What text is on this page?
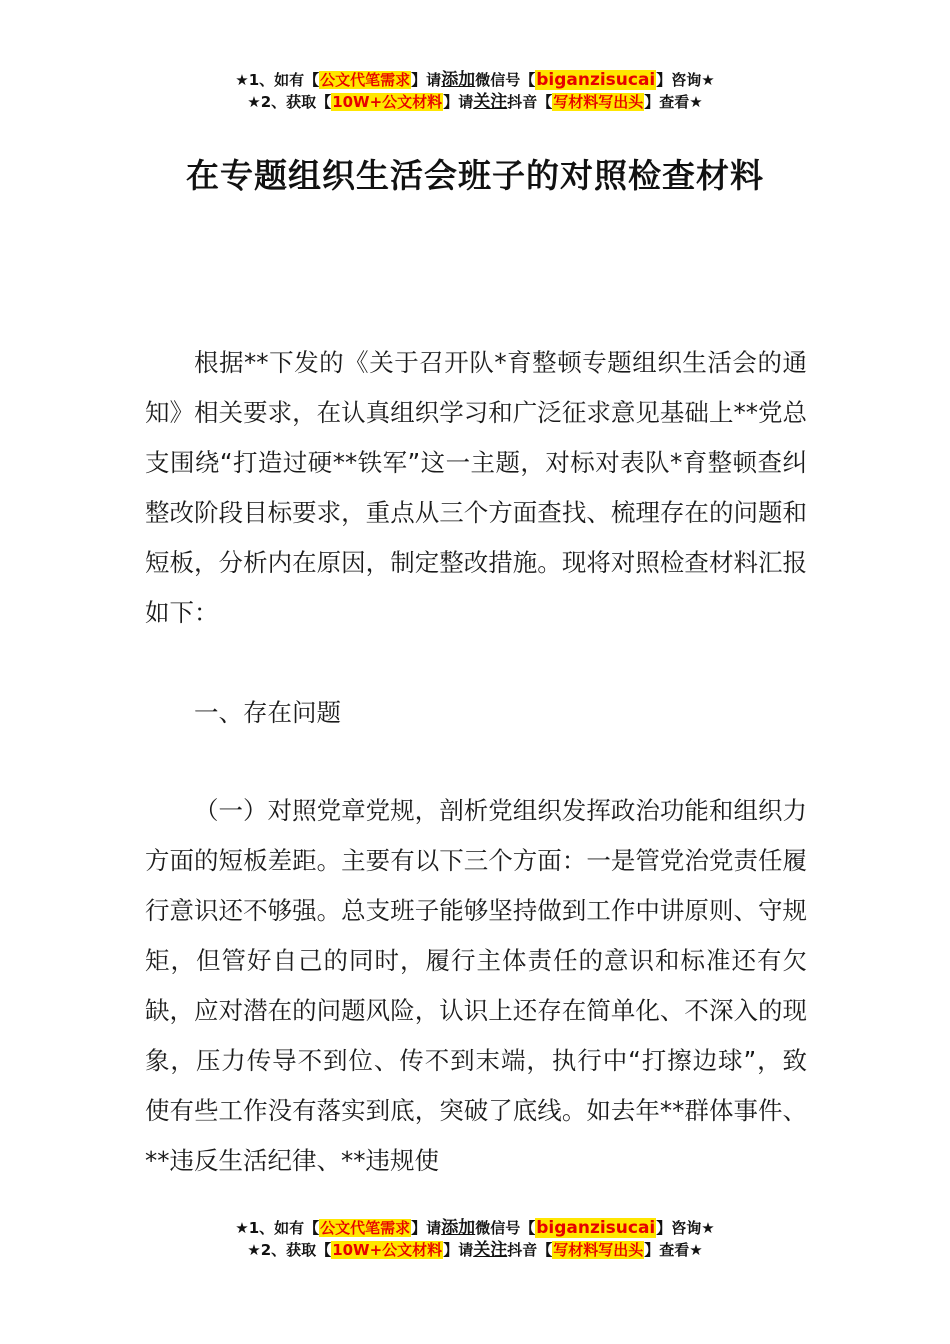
★1、如有【公文代笔需求】请添加微信号【biganzisucai】咨询★
★2、获取【10W+公文材料】请关注抖音【写材料写出头】查看★
在专题组织生活会班子的对照检查材料

根据**下发的《关于召开队*育整顿专题组织生活会的通知》相关要求，在认真组织学习和广泛征求意见基础上**党总支围绕“打造过硬**铁军”这一主题，对标对表队*育整顿查纠整改阶段目标要求，重点从三个方面查找、梳理存在的问题和短板，分析内在原因，制定整改措施。现将对照检查材料汇报如下：

一、存在问题

（一）对照党章党规，剖析党组织发挥政治功能和组织力方面的短板差距。主要有以下三个方面：一是管党治党责任履行意识还不够强。总支班子能够坚持做到工作中讲原则、守规矩，但管好自己的同时，履行主体责任的意识和标准还有欠缺，应对潜在的问题风险，认识上还存在简单化、不深入的现象，压力传导不到位、传不到末端，执行中“打擦边球”，致使有些工作没有落实到底，突破了底线。如去年**群体事件、**违反生活纪律、**违规使

★1、如有【公文代笔需求】请添加微信号【biganzisucai】咨询★
★2、获取【10W+公文材料】请关注抖音【写材料写出头】查看★
